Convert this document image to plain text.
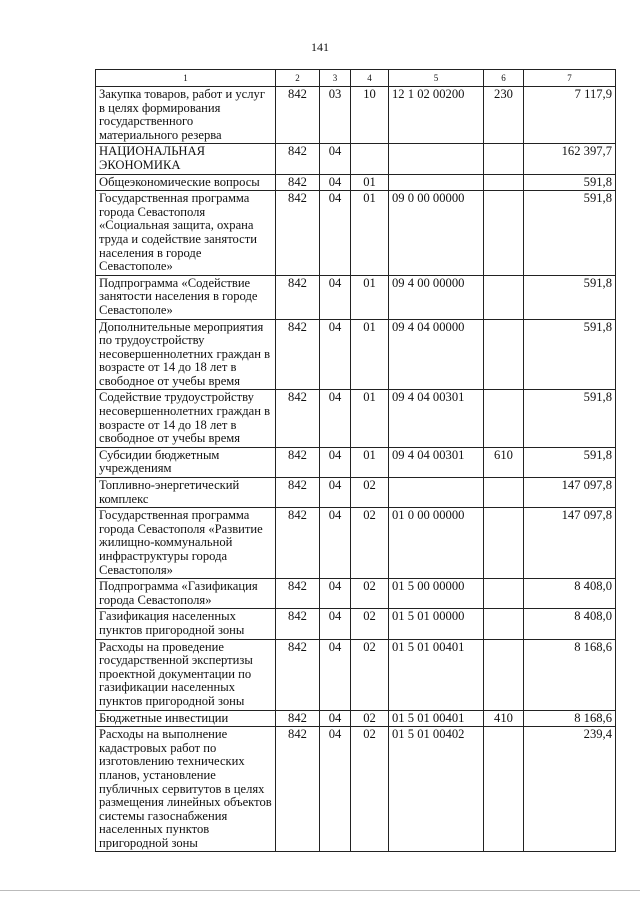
141
1	2	3	4	5	6	7
Закупка товаров, работ и услуг в целях формирования государственного материального резерва	842	03	10	12 1 02 00200	230	7 117,9
НАЦИОНАЛЬНАЯ ЭКОНОМИКА	842	04				162 397,7
Общеэкономические вопросы	842	04	01			591,8
Государственная программа города Севастополя «Социальная защита, охрана труда и содействие занятости населения в городе Севастополе»	842	04	01	09 0 00 00000		591,8
Подпрограмма «Содействие занятости населения в городе Севастополе»	842	04	01	09 4 00 00000		591,8
Дополнительные мероприятия по трудоустройству несовершеннолетних граждан в возрасте от 14 до 18 лет в свободное от учебы время	842	04	01	09 4 04 00000		591,8
Содействие трудоустройству несовершеннолетних граждан в возрасте от 14 до 18 лет в свободное от учебы время	842	04	01	09 4 04 00301		591,8
Субсидии бюджетным учреждениям	842	04	01	09 4 04 00301	610	591,8
Топливно-энергетический комплекс	842	04	02			147 097,8
Государственная программа города Севастополя «Развитие жилищно-коммунальной инфраструктуры города Севастополя»	842	04	02	01 0 00 00000		147 097,8
Подпрограмма «Газификация города Севастополя»	842	04	02	01 5 00 00000		8 408,0
Газификация населенных пунктов пригородной зоны	842	04	02	01 5 01 00000		8 408,0
Расходы на проведение государственной экспертизы проектной документации по газификации населенных пунктов пригородной зоны	842	04	02	01 5 01 00401		8 168,6
Бюджетные инвестиции	842	04	02	01 5 01 00401	410	8 168,6
Расходы на выполнение кадастровых работ по изготовлению технических планов, установление публичных сервитутов в целях размещения линейных объектов системы газоснабжения населенных пунктов пригородной зоны	842	04	02	01 5 01 00402		239,4
